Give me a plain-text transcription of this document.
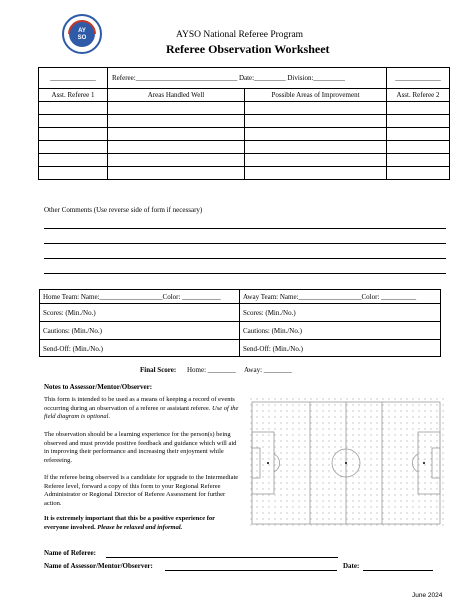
AY
SO	AYSO National Referee Program
Referee Observation Worksheet
_____________	Referee:_____________________________ Date:_________ Division:_________		_____________
Asst. Referee 1	Areas Handled Well	Possible Areas of Improvement	Asst. Referee 2

Other Comments (Use reverse side of form if necessary)
Home Team: Name:__________________Color: ___________	Away Team: Name:__________________Color: __________
Scores: (Min./No.)	Scores: (Min./No.)
Cautions: (Min./No.)	Cautions: (Min./No.)
Send-Off: (Min./No.)	Send-Off: (Min./No.)
Final Score: Home: ________ Away: ________
Notes to Assessor/Mentor/Observer:
This form is intended to be used as a means of keeping a record of events occurring during an observation of a referee or assistant referee. Use of the field diagram is optional.
The observation should be a learning experience for the person(s) being observed and must provide positive feedback and guidance which will aid in improving their performance and increasing their enjoyment while refereeing.
If the referee being observed is a candidate for upgrade to the Intermediate Referee level, forward a copy of this form to your Regional Referee Administrator or Regional Director of Referee Assessment for further action.
It is extremely important that this be a positive experience for everyone involved. Please be relaxed and informal.
Name of Referee:
Name of Assessor/Mentor/Observer:	Date:
June 2024
